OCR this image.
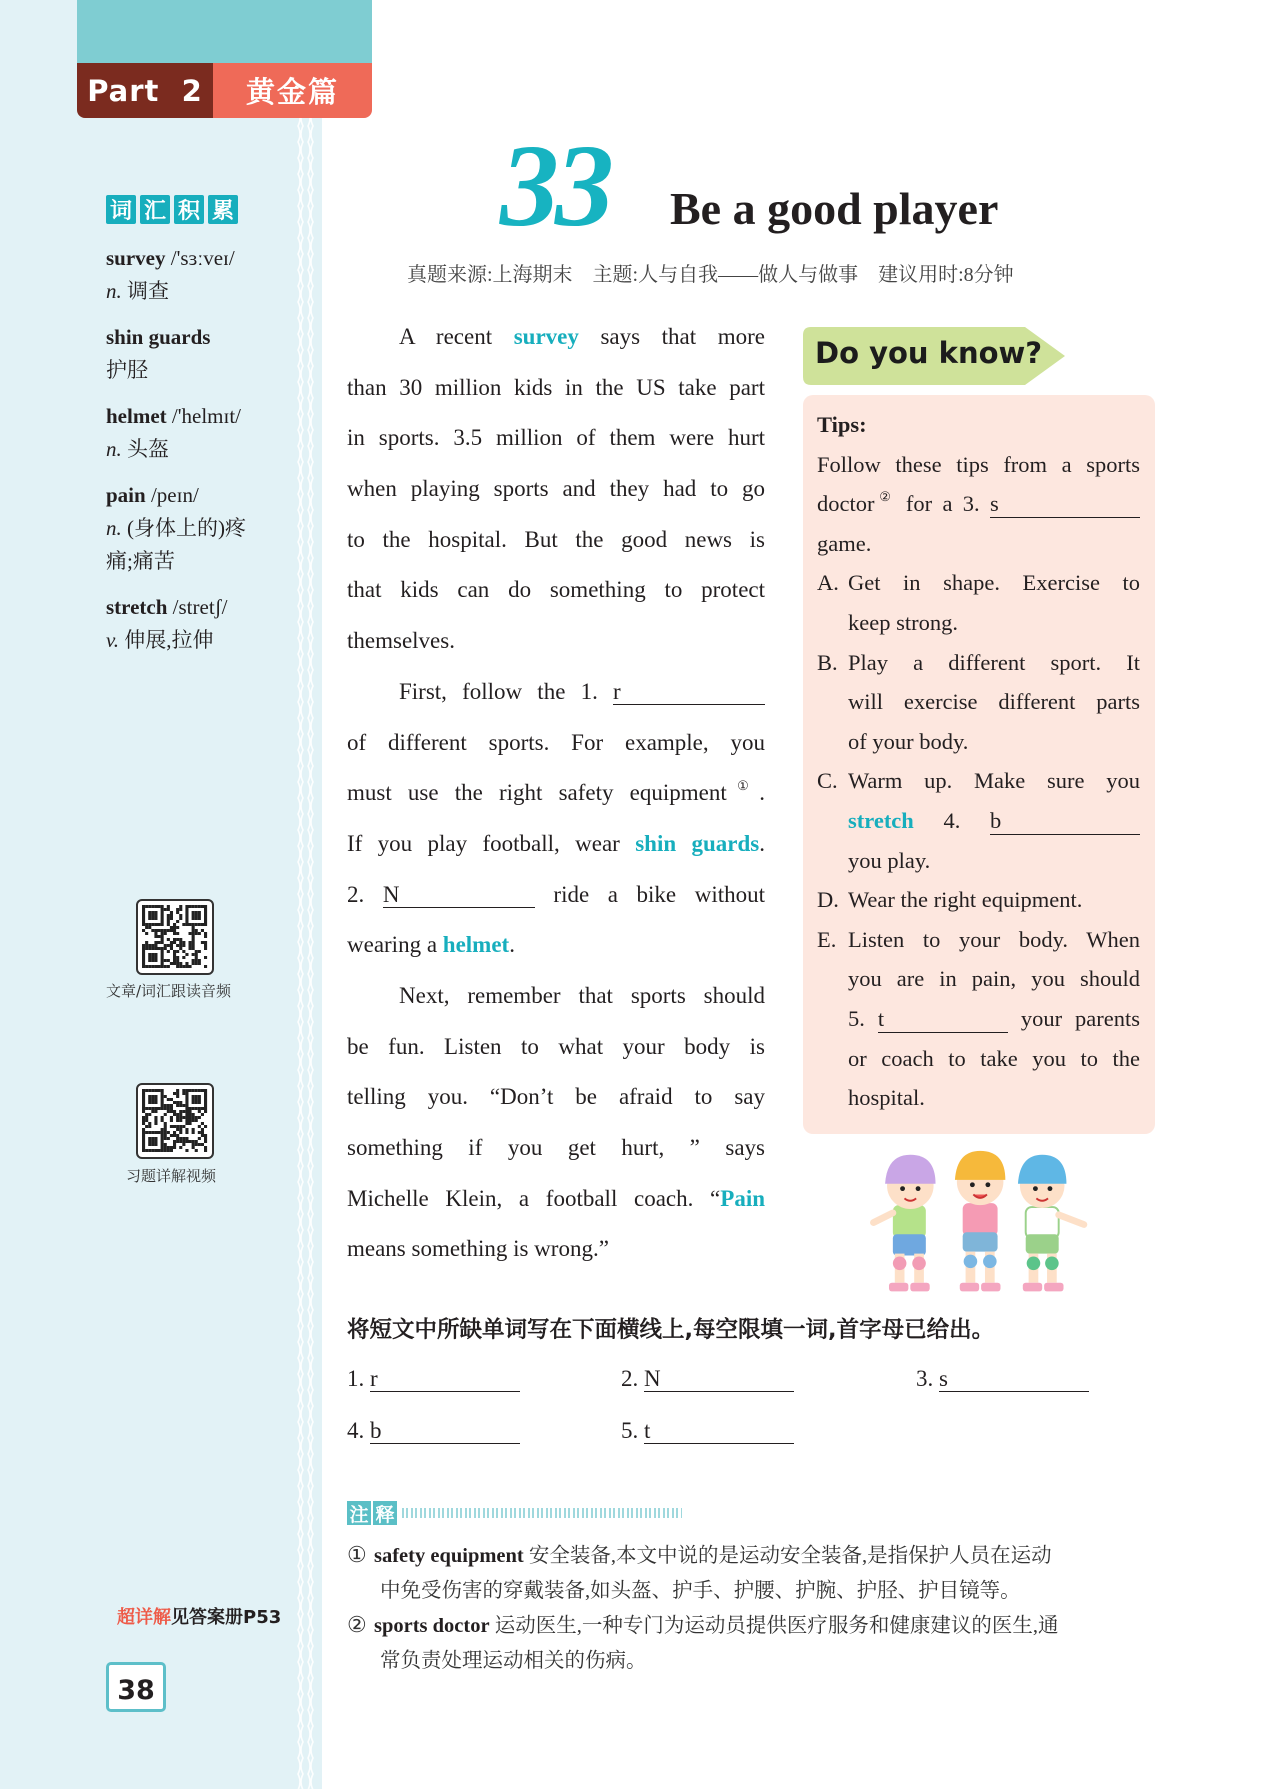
Part  2	黄金篇
词 汇 积 累
survey /'sɜːveɪ/
n. 调查
shin guards
护胫
helmet /'helmɪt/
n. 头盔
pain /peɪn/
n. (身体上的)疼
痛;痛苦
stretch /stretʃ/
v. 伸展,拉伸
文章/词汇跟读音频
习题详解视频
超详解见答案册P53
38
33 Be a good player
真题来源:上海期末    主题:人与自我——做人与做事    建议用时:8分钟
A recent survey says that more
than 30 million kids in the US take part
in sports. 3.5 million of them were hurt
when playing sports and they had to go
to the hospital. But the good news is
that kids can do something to protect
themselves.
First, follow the 1. r
of different sports. For example, you
must use the right safety equipment①.
If you play football, wear shin guards.
2. N	ride a bike without
wearing a helmet.
Next, remember that sports should
be fun. Listen to what your body is
telling you. “Don’t be afraid to say
something if you get hurt, ” says
Michelle Klein, a football coach. “Pain
means something is wrong.”
Do you know?
Tips:
Follow these tips from a sports
doctor② for a 3. s
game.
A. Get in shape. Exercise to
keep strong.
B. Play a different sport. It
will exercise different parts
of your body.
C. Warm up. Make sure you
stretch 4. b
you play.
D. Wear the right equipment.
E. Listen to your body. When
you are in pain, you should
5. t	your parents
or coach to take you to the
hospital.
将短文中所缺单词写在下面横线上,每空限填一词,首字母已给出。
1. r	2. N	3. s
4. b	5. t
注 释
① safety equipment 安全装备,本文中说的是运动安全装备,是指保护人员在运动
中免受伤害的穿戴装备,如头盔、护手、护腰、护腕、护胫、护目镜等。
② sports doctor 运动医生,一种专门为运动员提供医疗服务和健康建议的医生,通
常负责处理运动相关的伤病。
